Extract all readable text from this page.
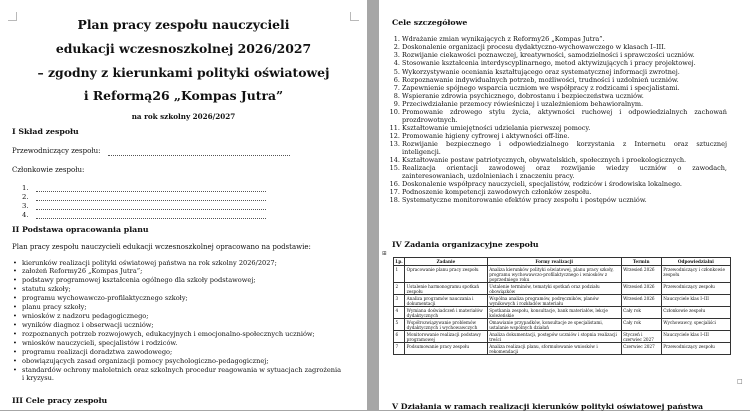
Plan pracy zespołu nauczycieli
edukacji wczesnoszkolnej 2026/2027
– zgodny z kierunkami polityki oświatowej
i Reformą26 „Kompas Jutra”
na rok szkolny 2026/2027
I Skład zespołu
Przewodniczący zespołu:
Członkowie zespołu:
1.
2.
3.
4.
II Podstawa opracowania planu
Plan pracy zespołu nauczycieli edukacji wczesnoszkolnej opracowano na podstawie:
• kierunków realizacji polityki oświatowej państwa na rok szkolny 2026/2027;
• założeń Reformy26 „Kompas Jutra”;
• podstawy programowej kształcenia ogólnego dla szkoły podstawowej;
• statutu szkoły;
• programu wychowawczo-profilaktycznego szkoły;
• planu pracy szkoły;
• wniosków z nadzoru pedagogicznego;
• wyników diagnoz i obserwacji uczniów;
• rozpoznanych potrzeb rozwojowych, edukacyjnych i emocjonalno-społecznych uczniów;
• wniosków nauczycieli, specjalistów i rodziców.
• programu realizacji doradztwa zawodowego;
• obowiązujących zasad organizacji pomocy psychologiczno-pedagogicznej;
• standardów ochrony małoletnich oraz szkolnych procedur reagowania w sytuacjach zagrożenia
i kryzysu.
III Cele pracy zespołu
Cele szczegółowe
1. Wdrażanie zmian wynikających z Reformy26 „Kompas Jutra”.
2. Doskonalenie organizacji procesu dydaktyczno-wychowawczego w klasach I–III.
3. Rozwijanie ciekawości poznawczej, kreatywności, samodzielności i sprawczości uczniów.
4. Stosowanie kształcenia interdyscyplinarnego, metod aktywizujących i pracy projektowej.
5. Wykorzystywanie oceniania kształtującego oraz systematycznej informacji zwrotnej.
6. Rozpoznawanie indywidualnych potrzeb, możliwości, trudności i uzdolnień uczniów.
7. Zapewnienie spójnego wsparcia uczniom we współpracy z rodzicami i specjalistami.
8. Wspieranie zdrowia psychicznego, dobrostanu i bezpieczeństwa uczniów.
9. Przeciwdziałanie przemocy rówieśniczej i uzależnieniom behawioralnym.
10. Promowanie zdrowego stylu życia, aktywności ruchowej i odpowiedzialnych zachowań
prozdrowotnych.
11. Kształtowanie umiejętności udzielania pierwszej pomocy.
12. Promowanie higieny cyfrowej i aktywności off-line.
13. Rozwijanie bezpiecznego i odpowiedzialnego korzystania z Internetu oraz sztucznej
inteligencji.
14. Kształtowanie postaw patriotycznych, obywatelskich, społecznych i proekologicznych.
15. Realizacja orientacji zawodowej oraz rozwijanie wiedzy uczniów o zawodach,
zainteresowaniach, uzdolnieniach i znaczeniu pracy.
16. Doskonalenie współpracy nauczycieli, specjalistów, rodziców i środowiska lokalnego.
17. Podnoszenie kompetencji zawodowych członków zespołu.
18. Systematyczne monitorowanie efektów pracy zespołu i postępów uczniów.
⊞
IV Zadania organizacyjne zespołu
Lp.	Zadanie	Formy realizacji	Termin	Odpowiedzialni
1	Opracowanie planu pracy zespołu	Analiza kierunków polityki oświatowej, planu pracy szkoły, programu wychowawczo-profilaktycznego i wniosków z poprzedniego roku	Wrzesień 2026	Przewodniczący i członkowie zespołu
2	Ustalenie harmonogramu spotkań zespołu	Ustalenie terminów, tematyki spotkań oraz podziału obowiązków	Wrzesień 2026	Przewodniczący zespołu
3	Analiza programów nauczania i dokumentacji	Wspólna analiza programów, podręczników, planów wynikowych i rozkładów materiału	Wrzesień 2026	Nauczyciele klas I–III
4	Wymiana doświadczeń i materiałów dydaktycznych	Spotkania zespołu, konsultacje, bank materiałów, lekcje koleżeńskie	Cały rok	Członkowie zespołu
5	Współrozwiązywanie problemów dydaktycznych i wychowawczych	Omawianie przypadków, konsultacje ze specjalistami, ustalanie wspólnych działań	Cały rok	Wychowawcy, specjaliści
6	Monitorowanie realizacji podstawy programowej	Analiza dokumentacji, postępów uczniów i stopnia realizacji treści	Styczeń i czerwiec 2027	Nauczyciele klas I–III
7	Podsumowanie pracy zespołu	Analiza realizacji planu, sformułowanie wniosków i rekomendacji	Czerwiec 2027	Przewodniczący zespołu
□
V Działania w ramach realizacji kierunków polityki oświatowej państwa
